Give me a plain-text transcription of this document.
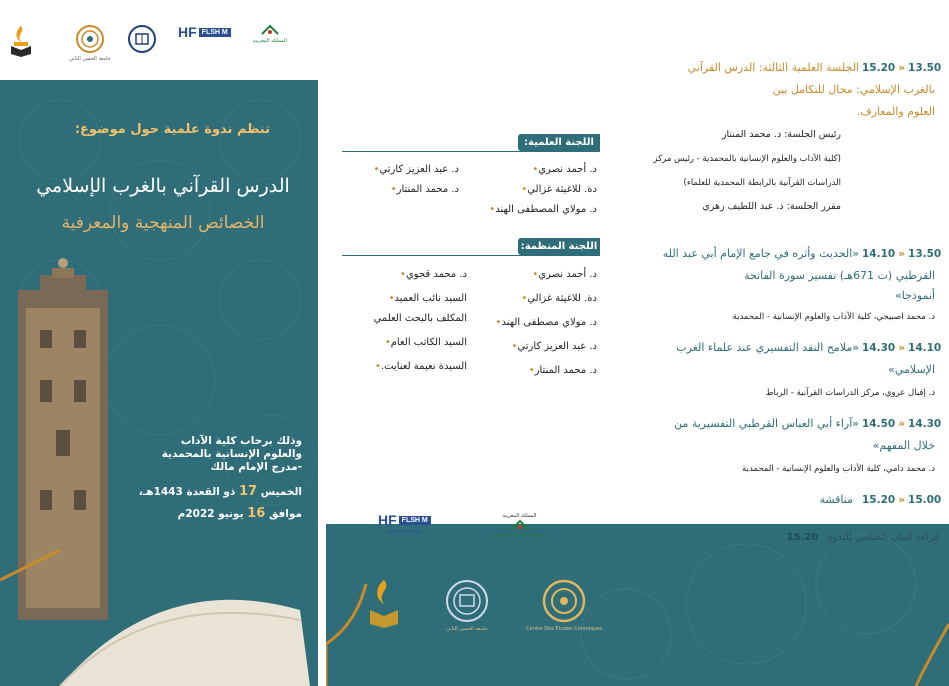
جامعة الحسن الثاني
HF FLSH M
المملكة المغربية
تنظم ندوة علمية حول موضوع:
الدرس القرآني بالغرب الإسلامي
الخصائص المنهجية والمعرفية
وذلك برحاب كلية الآداب والعلوم الإنسانية بالمحمدية -مدرج الإمام مالك
الخميس 17 ذو القعدة 1443هـ،
موافق 16 يونيو 2022م
اللجنة العلمية:
د. أحمد نصري•
دة. للاغيثة غزالي•
د. مولاي المصطفى الهند•
د. عبد العزيز كارتي•
د. محمد المنتار•
اللجنة المنظمة:
د. أحمد نصري•
دة. للاغيثة غزالي•
د. مولاي مصطفى الهند•
د. عبد العزيز كارتي•
د. محمد المنتار•
د. محمد قجوي•
السيد نائب العميد•
المكلف بالبحث العلمي
السيد الكاتب العام•
السيدة نعيمة لعنايت.•
15.20 » 13.50
الجلسة العلمية الثالثة: الدرس القرآني
بالغرب الإسلامي: مجال للتكامل بين
العلوم والمعارف.
رئيس الجلسة: د. محمد المنتار
(كلية الآداب والعلوم الإنسانية بالمحمدية - رئيس مركز
الدراسات القرآنية بالرابطة المحمدية للعلماء)
مقرر الجلسة: ذ. عبد اللطيف زهري
14.10 » 13.50
«الحديث وأثره في جامع الإمام أبي عبد الله
القرطبي (ت 671هـ) تفسير سورة الفاتحة
أنموذجا»
د. محمد اصبيحي، كلية الآداب والعلوم الإنسانية - المحمدية
14.30 » 14.10
«ملامح النقد التفسيري عند علماء الغرب
الإسلامي»
د. إقبال عروي، مركز الدراسات القرآنية - الرباط
14.50 » 14.30
«آراء أبي العباس القرطبي التفسيرية من
خلال المفهم»
د. محمد دامي، كلية الآداب والعلوم الإنسانية - المحمدية
15.20 » 15.00
مناقشة
جامعة الحسن الثاني	Centre Des Etudes Coraniques
HF FLSH M
Mohammedia
المملكة المغربية
الرابطة المحمدية للعلماء	قراءة البيان الختامي للندوة 15.20
